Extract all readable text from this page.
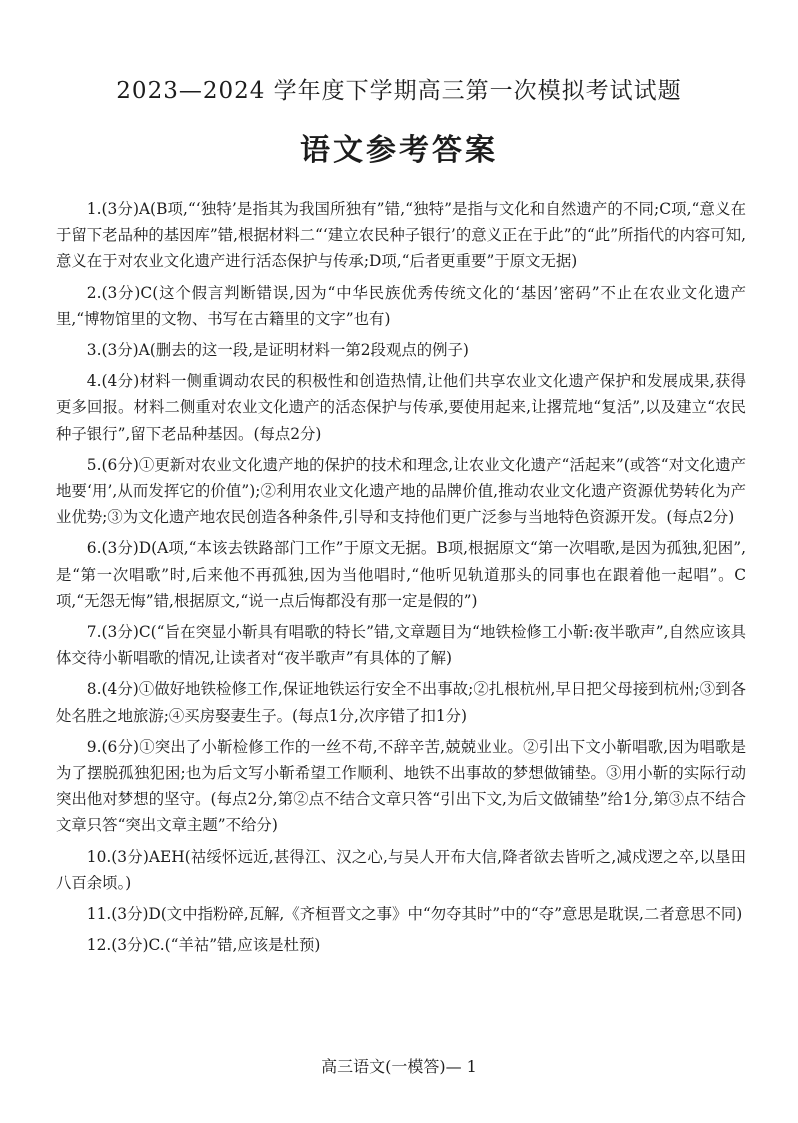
2023—2024 学年度下学期高三第一次模拟考试试题
语文参考答案

1.(3分)A(B项,“‘独特’是指其为我国所独有”错,“独特”是指与文化和自然遗产的不同;C项,“意义在于留下老品种的基因库”错,根据材料二“‘建立农民种子银行’的意义正在于此”的“此”所指代的内容可知,意义在于对农业文化遗产进行活态保护与传承;D项,“后者更重要”于原文无据)

2.(3分)C(这个假言判断错误,因为“中华民族优秀传统文化的‘基因’密码”不止在农业文化遗产里,“博物馆里的文物、书写在古籍里的文字”也有)

3.(3分)A(删去的这一段,是证明材料一第2段观点的例子)

4.(4分)材料一侧重调动农民的积极性和创造热情,让他们共享农业文化遗产保护和发展成果,获得更多回报。材料二侧重对农业文化遗产的活态保护与传承,要使用起来,让撂荒地“复活”,以及建立“农民种子银行”,留下老品种基因。(每点2分)

5.(6分)①更新对农业文化遗产地的保护的技术和理念,让农业文化遗产“活起来”(或答“对文化遗产地要‘用’,从而发挥它的价值”);②利用农业文化遗产地的品牌价值,推动农业文化遗产资源优势转化为产业优势;③为文化遗产地农民创造各种条件,引导和支持他们更广泛参与当地特色资源开发。(每点2分)

6.(3分)D(A项,“本该去铁路部门工作”于原文无据。B项,根据原文“第一次唱歌,是因为孤独,犯困”,是“第一次唱歌”时,后来他不再孤独,因为当他唱时,“他听见轨道那头的同事也在跟着他一起唱”。C项,“无怨无悔”错,根据原文,“说一点后悔都没有那一定是假的”)

7.(3分)C(“旨在突显小靳具有唱歌的特长”错,文章题目为“地铁检修工小靳:夜半歌声”,自然应该具体交待小靳唱歌的情况,让读者对“夜半歌声”有具体的了解)

8.(4分)①做好地铁检修工作,保证地铁运行安全不出事故;②扎根杭州,早日把父母接到杭州;③到各处名胜之地旅游;④买房娶妻生子。(每点1分,次序错了扣1分)

9.(6分)①突出了小靳检修工作的一丝不苟,不辞辛苦,兢兢业业。②引出下文小靳唱歌,因为唱歌是为了摆脱孤独犯困;也为后文写小靳希望工作顺利、地铁不出事故的梦想做铺垫。③用小靳的实际行动突出他对梦想的坚守。(每点2分,第②点不结合文章只答“引出下文,为后文做铺垫”给1分,第③点不结合文章只答“突出文章主题”不给分)

10.(3分)AEH(祜绥怀远近,甚得江、汉之心,与吴人开布大信,降者欲去皆听之,减戍逻之卒,以垦田八百余顷。)

11.(3分)D(文中指粉碎,瓦解,《齐桓晋文之事》中“勿夺其时”中的“夺”意思是耽误,二者意思不同)

12.(3分)C.(“羊祜”错,应该是杜预)

高三语文(一模答)— 1
